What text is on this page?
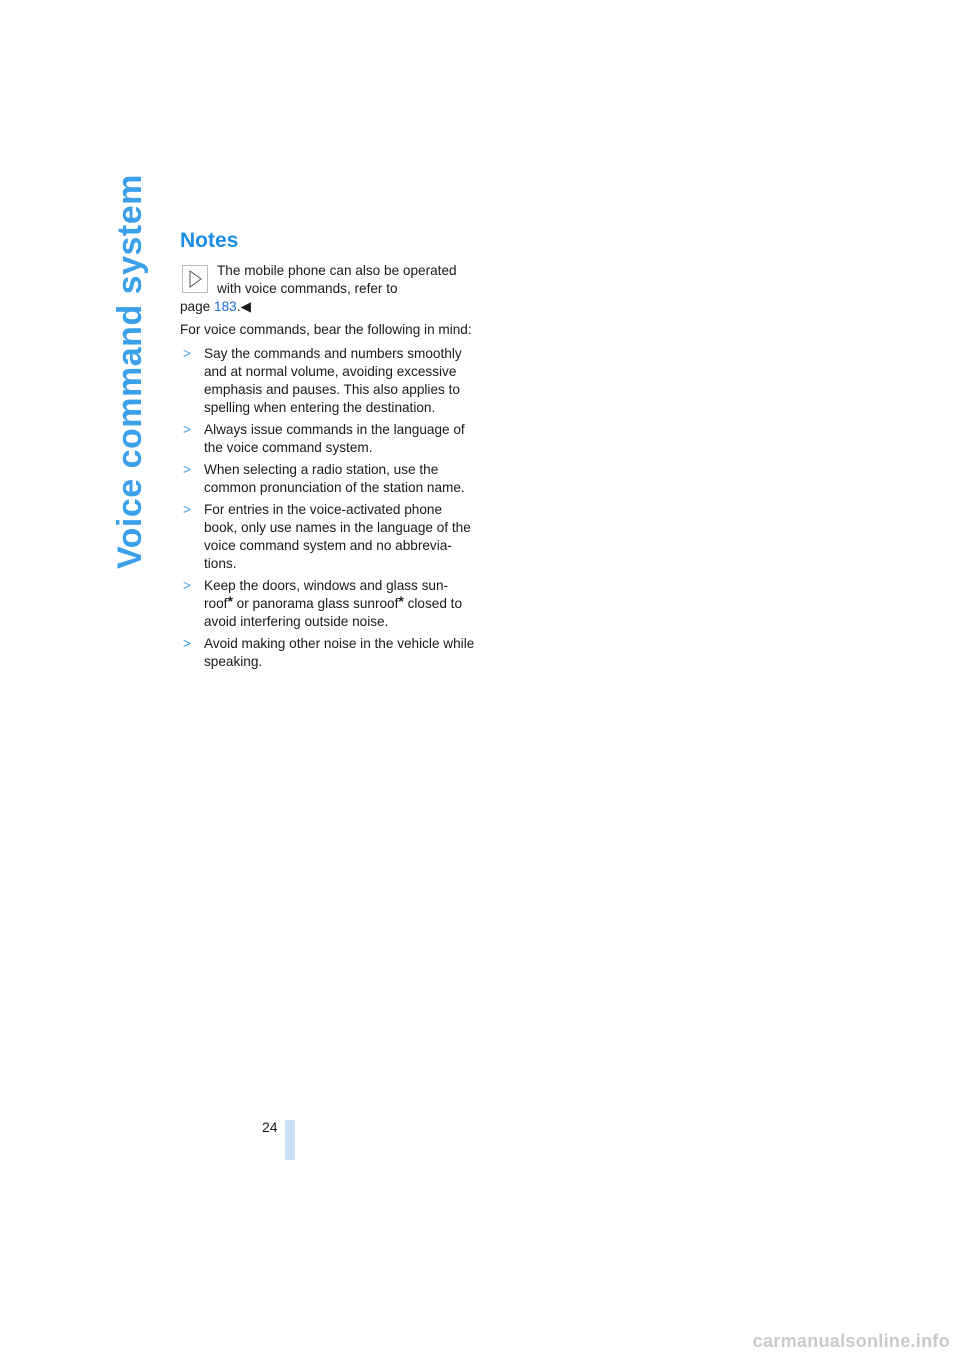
Voice command system Notes

The mobile phone can also be operated

with voice commands, refer to

page 183.◀

For voice commands, bear the following in mind:

> Say the commands and numbers smoothly and at normal volume, avoiding excessive emphasis and pauses. This also applies to spelling when entering the destination.
> Always issue commands in the language of the voice command system.
> When selecting a radio station, use the common pronunciation of the station name.
> For entries in the voice-activated phone book, only use names in the language of the voice command system and no abbrevia-tions.
> Keep the doors, windows and glass sun-roof* or panorama glass sunroof* closed to avoid interfering outside noise.
> Avoid making other noise in the vehicle while speaking.
24
carmanualsonline.info
